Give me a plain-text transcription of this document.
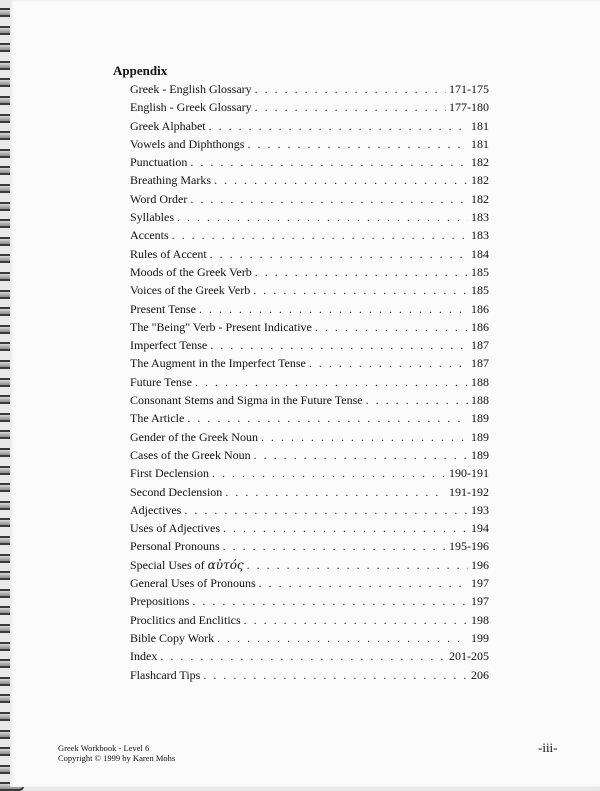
Appendix
Greek - English Glossary . . .	171-175
English - Greek Glossary . . .	177-180
Greek Alphabet . . .	181
Vowels and Diphthongs . . .	181
Punctuation . . .	182
Breathing Marks . . .	182
Word Order . . .	182
Syllables . . .	183
Accents . . .	183
Rules of Accent . . .	184
Moods of the Greek Verb . . .	185
Voices of the Greek Verb . . .	185
Present Tense . . .	186
The "Being" Verb - Present Indicative . . .	186
Imperfect Tense . . .	187
The Augment in the Imperfect Tense . . .	187
Future Tense . . .	188
Consonant Stems and Sigma in the Future Tense . . .	188
The Article . . .	189
Gender of the Greek Noun . . .	189
Cases of the Greek Noun . . .	189
First Declension . . .	190-191
Second Declension . . .	191-192
Adjectives . . .	193
Uses of Adjectives . . .	194
Personal Pronouns . . .	195-196
Special Uses of αὐτός . . .	196
General Uses of Pronouns . . .	197
Prepositions . . .	197
Proclitics and Enclitics . . .	198
Bible Copy Work . . .	199
Index . . .	201-205
Flashcard Tips . . .	206
Greek Workbook - Level 6
Copyright © 1999 by Karen Mohs
-iii-
